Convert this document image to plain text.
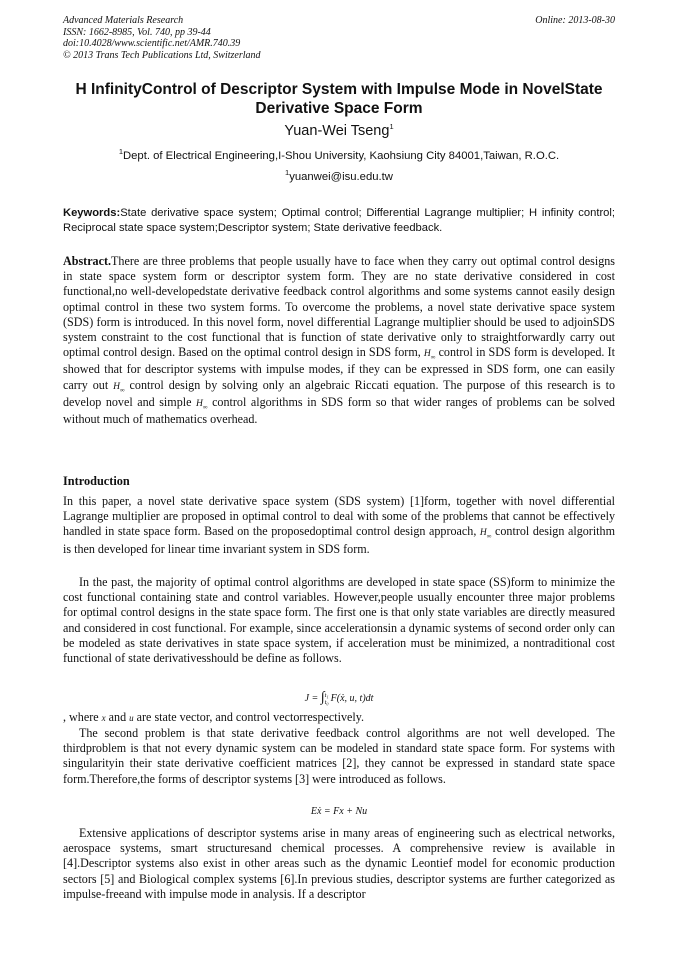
Advanced Materials Research
ISSN: 1662-8985, Vol. 740, pp 39-44
doi:10.4028/www.scientific.net/AMR.740.39
© 2013 Trans Tech Publications Ltd, Switzerland
Online: 2013-08-30
H InfinityControl of Descriptor System with Impulse Mode in NovelState Derivative Space Form
Yuan-Wei Tseng$^1$
$^1$Dept. of Electrical Engineering,I-Shou University, Kaohsiung City 84001,Taiwan, R.O.C.
$^1$yuanwei@isu.edu.tw
Keywords:State derivative space system; Optimal control; Differential Lagrange multiplier; H infinity control; Reciprocal state space system;Descriptor system; State derivative feedback.

Abstract.There are three problems that people usually have to face when they carry out optimal control designs in state space system form or descriptor system form. They are no state derivative considered in cost functional,no well-developedstate derivative feedback control algorithms and some systems cannot easily design optimal control in these two system forms. To overcome the problems, a novel state derivative space system (SDS) form is introduced. In this novel form, novel differential Lagrange multiplier should be used to adjoinSDS system constraint to the cost functional that is function of state derivative only to straightforwardly carry out optimal control design. Based on the optimal control design in SDS form, $H_\infty$ control in SDS form is developed. It showed that for descriptor systems with impulse modes, if they can be expressed in SDS form, one can easily carry out $H_\infty$ control design by solving only an algebraic Riccati equation. The purpose of this research is to develop novel and simple $H_\infty$ control algorithms in SDS form so that wider ranges of problems can be solved without much of mathematics overhead.

Introduction

In this paper, a novel state derivative space system (SDS system) [1]form, together with novel differential Lagrange multiplier are proposed in optimal control to deal with some of the problems that cannot be effectively handled in state space form. Based on the proposedoptimal control design approach, $H_\infty$ control design algorithm is then developed for linear time invariant system in SDS form.

In the past, the majority of optimal control algorithms are developed in state space (SS)form to minimize the cost functional containing state and control variables. However,people usually encounter three major problems for optimal control designs in the state space form. The first one is that only state variables are directly measured and considered in cost functional. For example, since accelerationsin a dynamic systems of second order only can be modeled as state derivatives in state space system, if acceleration must be minimized, a nontraditional cost functional of state derivativesshould be define as follows.

J = ∫ t₁
t₀ F(ẋ, u, t)dt

, where x and u are state vector, and control vectorrespectively.

The second problem is that state derivative feedback control algorithms are not well developed. The thirdproblem is that not every dynamic system can be modeled in standard state space form. For systems with singularityin their state derivative coefficient matrices [2], they cannot be expressed in standard state space form.Therefore,the forms of descriptor systems [3] were introduced as follows.

Eẋ = Fx + Nu

Extensive applications of descriptor systems arise in many areas of engineering such as electrical networks, aerospace systems, smart structuresand chemical processes. A comprehensive review is available in [4].Descriptor systems also exist in other areas such as the dynamic Leontief model for economic production sectors [5] and Biological complex systems [6].In previous studies, descriptor systems are further categorized as impulse-freeand with impulse mode in analysis. If a descriptor
